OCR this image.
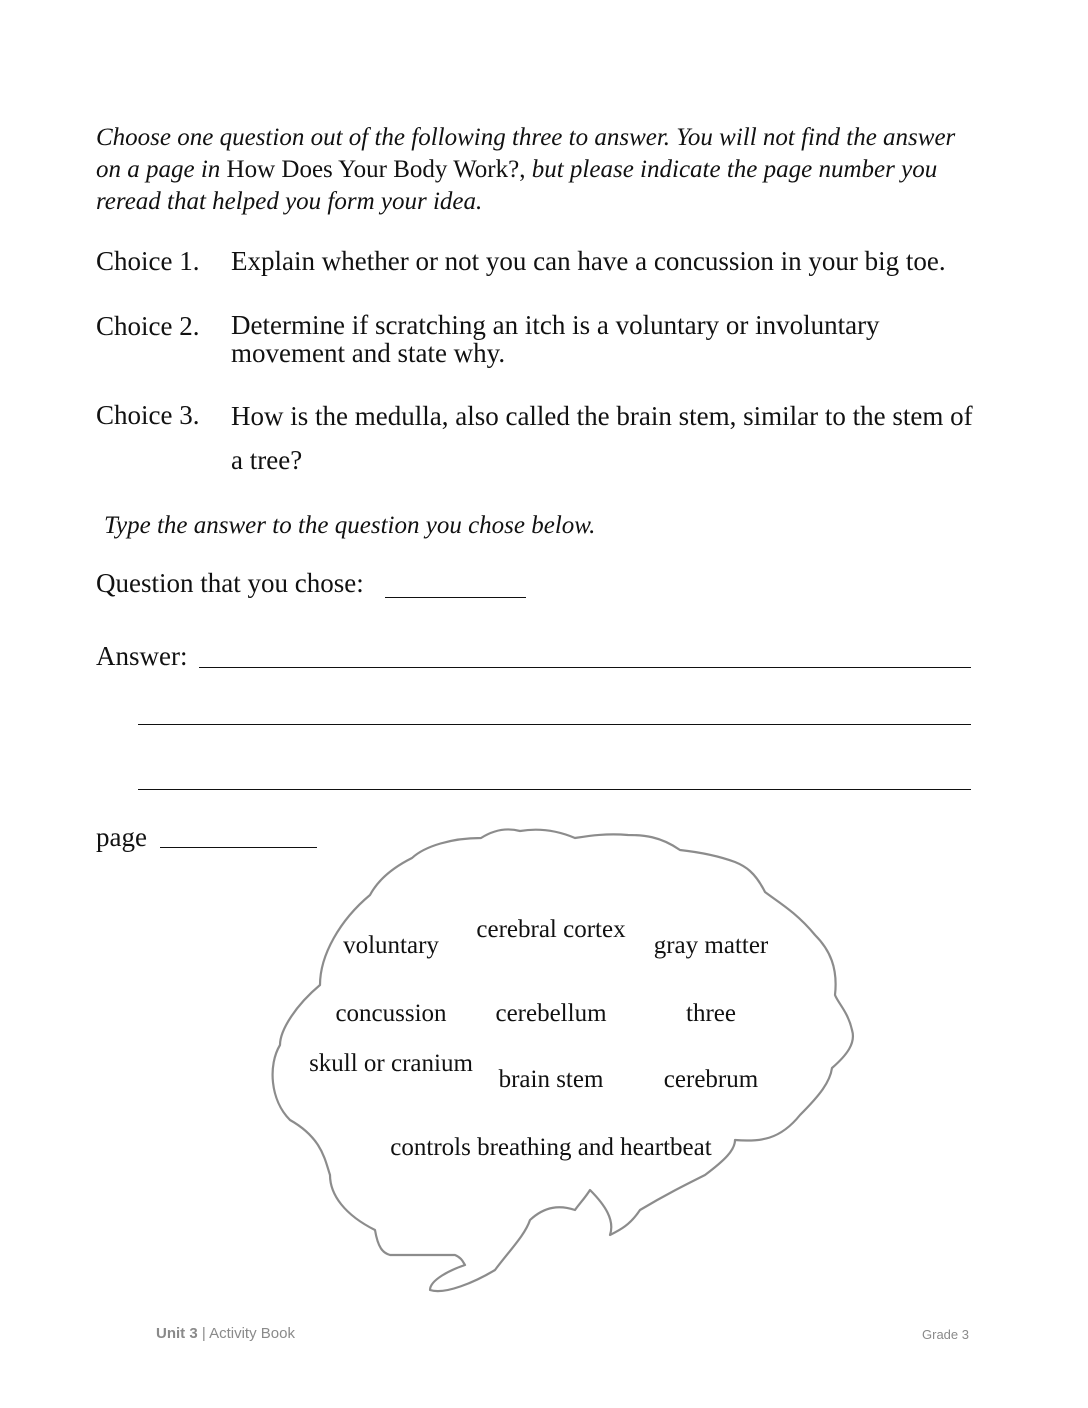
Choose one question out of the following three to answer. You will not find the answer on a page in How Does Your Body Work?, but please indicate the page number you reread that helped you form your idea.
Choice 1.	Explain whether or not you can have a concussion in your big toe.
Choice 2.	Determine if scratching an itch is a voluntary or involuntary movement and state why.
Choice 3.	How is the medulla, also called the brain stem, similar to the stem of a tree?
Type the answer to the question you chose below.
Question that you chose:
Answer:
page
voluntary
cerebral cortex
gray matter
concussion	cerebellum	three
skull or cranium
brain stem	cerebrum
controls breathing and heartbeat
Unit 3 | Activity Book	Grade 3
